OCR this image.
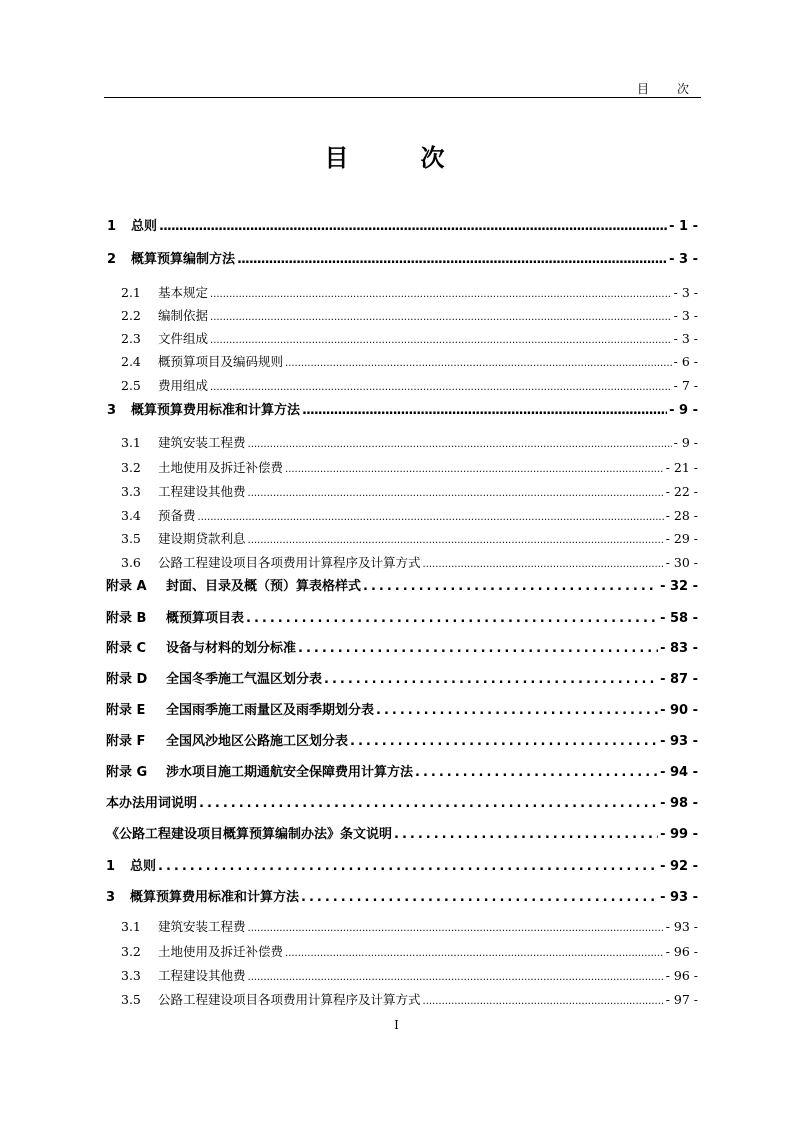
目　次
目　次
1	总则 .....	- 1 -
2	概算预算编制方法 .....	- 3 -
2.1	基本规定 .....	- 3 -
2.2	编制依据 .....	- 3 -
2.3	文件组成 .....	- 3 -
2.4	概预算项目及编码规则 .....	- 6 -
2.5	费用组成 .....	- 7 -
3	概算预算费用标准和计算方法 .....	- 9 -
3.1	建筑安装工程费 .....	- 9 -
3.2	土地使用及拆迁补偿费 .....	- 21 -
3.3	工程建设其他费 .....	- 22 -
3.4	预备费 .....	- 28 -
3.5	建设期贷款利息 .....	- 29 -
3.6	公路工程建设项目各项费用计算程序及计算方式 .....	- 30 -
附录 A	封面、目录及概（预）算表格样式 .....	- 32 -
附录 B	概预算项目表 .....	- 58 -
附录 C	设备与材料的划分标准 .....	- 83 -
附录 D	全国冬季施工气温区划分表 .....	- 87 -
附录 E	全国雨季施工雨量区及雨季期划分表 .....	- 90 -
附录 F	全国风沙地区公路施工区划分表 .....	- 93 -
附录 G	涉水项目施工期通航安全保障费用计算方法 .....	- 94 -
本办法用词说明 .....	- 98 -
《公路工程建设项目概算预算编制办法》条文说明 .....	- 99 -
1	总则 .....	- 92 -
3	概算预算费用标准和计算方法 .....	- 93 -
3.1	建筑安装工程费 .....	- 93 -
3.2	土地使用及拆迁补偿费 .....	- 96 -
3.3	工程建设其他费 .....	- 96 -
3.5	公路工程建设项目各项费用计算程序及计算方式 .....	- 97 -
I
